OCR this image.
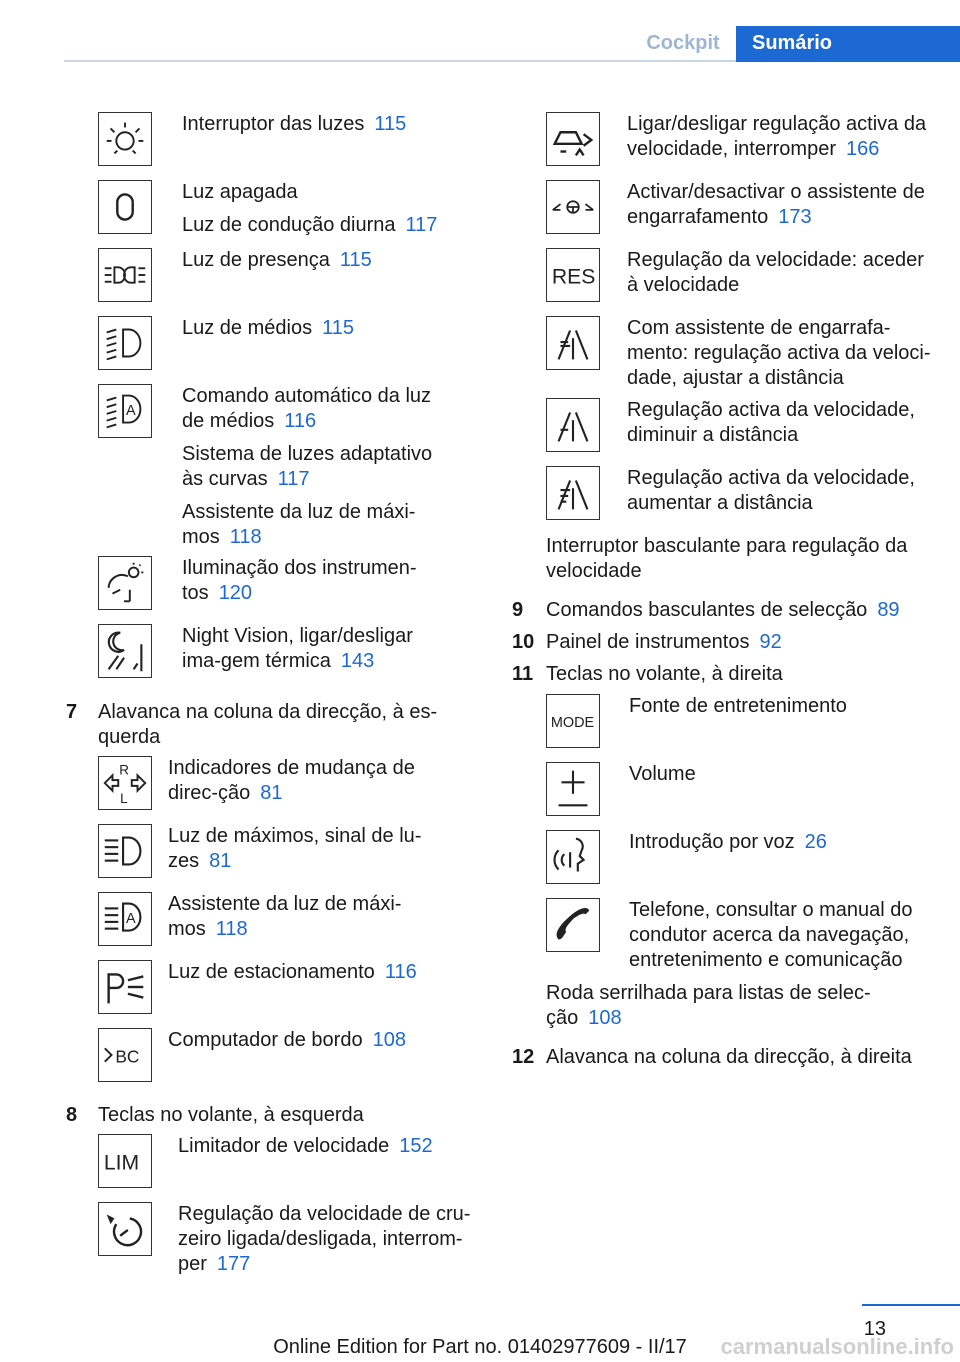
Cockpit	Sumário
Interruptor das luzes 115

Luz apagada

Luz de condução diurna 117

Luz de presença 115
Luz de médios 115
A

Comando automático da luz de médios 116

Sistema de luzes adaptativo às curvas 117

Assistente da luz de máxi-mos 118

Iluminação dos instrumen-tos 120
Night Vision, ligar/desligar ima-gem térmica 143
7 Alavanca na coluna da direcção, à es-querda
R
L
Indicadores de mudança de direc-ção 81
Luz de máximos, sinal de lu-zes 81
A
Assistente da luz de máxi-mos 118
Luz de estacionamento 116
BC
Computador de bordo 108
8 Teclas no volante, à esquerda
LIM
Limitador de velocidade 152
Regulação da velocidade de cru-zeiro ligada/desligada, interrom-per 177
Ligar/desligar regulação activa da velocidade, interromper 166
Activar/desactivar o assistente de engarrafamento 173
RES
Regulação da velocidade: aceder à velocidade
Com assistente de engarrafa-mento: regulação activa da veloci-dade, ajustar a distância
Regulação activa da velocidade, diminuir a distância
Regulação activa da velocidade, aumentar a distância
Interruptor basculante para regulação da velocidade
9 Comandos basculantes de selecção 89
10 Painel de instrumentos 92
11 Teclas no volante, à direita
MODE
Fonte de entretenimento
Volume
Introdução por voz 26
Telefone, consultar o manual do condutor acerca da navegação, entretenimento e comunicação
Roda serrilhada para listas de selec-ção 108
12 Alavanca na coluna da direcção, à direita
13
Online Edition for Part no. 01402977609 - II/17	carmanualsonline.info
